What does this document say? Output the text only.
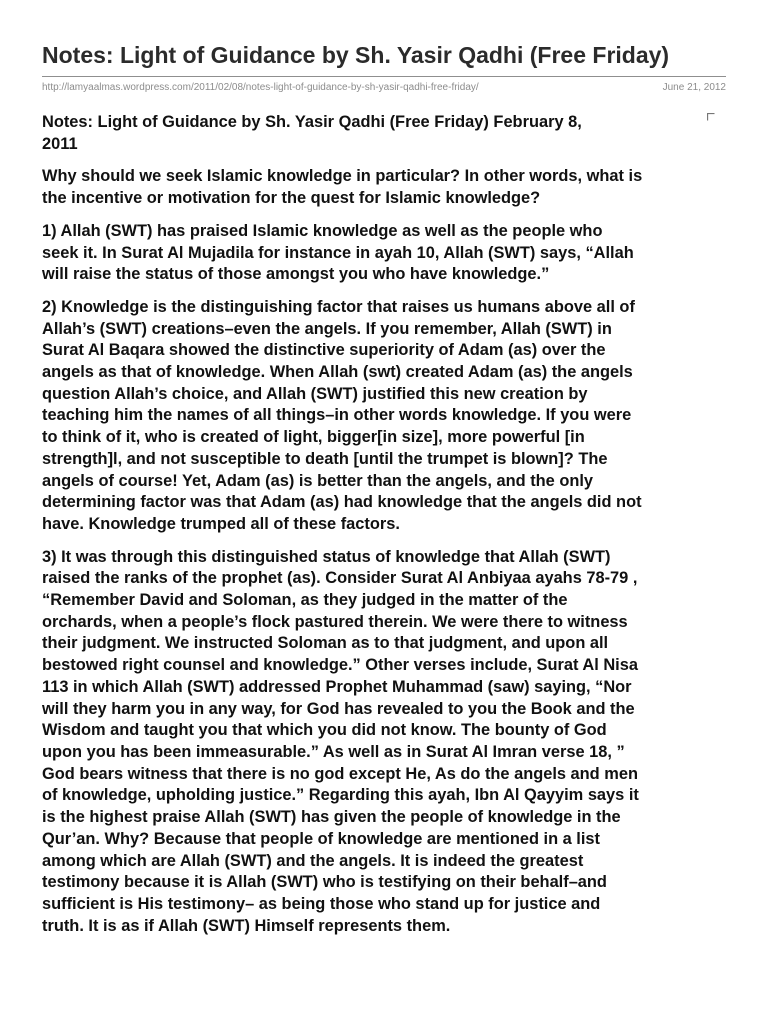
Notes: Light of Guidance by Sh. Yasir Qadhi (Free Friday)
http://lamyaalmas.wordpress.com/2011/02/08/notes-light-of-guidance-by-sh-yasir-qadhi-free-friday/	June 21, 2012

Notes: Light of Guidance by Sh. Yasir Qadhi (Free Friday) February 8,

2011

Why should we seek Islamic knowledge in particular? In other words, what is

the incentive or motivation for the quest for Islamic knowledge?

1) Allah (SWT) has praised Islamic knowledge as well as the people who

seek it. In Surat Al Mujadila for instance in ayah 10, Allah (SWT) says, “Allah

will raise the status of those amongst you who have knowledge.”

2) Knowledge is the distinguishing factor that raises us humans above all of

Allah’s (SWT) creations–even the angels. If you remember, Allah (SWT) in

Surat Al Baqara showed the distinctive superiority of Adam (as) over the

angels as that of knowledge. When Allah (swt) created Adam (as) the angels

question Allah’s choice, and Allah (SWT) justified this new creation by

teaching him the names of all things–in other words knowledge. If you were

to think of it, who is created of light, bigger[in size], more powerful [in

strength]l, and not susceptible to death [until the trumpet is blown]? The

angels of course! Yet, Adam (as) is better than the angels, and the only

determining factor was that Adam (as) had knowledge that the angels did not

have. Knowledge trumped all of these factors.

3) It was through this distinguished status of knowledge that Allah (SWT)

raised the ranks of the prophet (as). Consider Surat Al Anbiyaa ayahs 78-79 ,

“Remember David and Soloman, as they judged in the matter of the

orchards, when a people’s flock pastured therein. We were there to witness

their judgment. We instructed Soloman as to that judgment, and upon all

bestowed right counsel and knowledge.” Other verses include, Surat Al Nisa

113 in which Allah (SWT) addressed Prophet Muhammad (saw) saying, “Nor

will they harm you in any way, for God has revealed to you the Book and the

Wisdom and taught you that which you did not know. The bounty of God

upon you has been immeasurable.” As well as in Surat Al Imran verse 18, ”

God bears witness that there is no god except He, As do the angels and men

of knowledge, upholding justice.” Regarding this ayah, Ibn Al Qayyim says it

is the highest praise Allah (SWT) has given the people of knowledge in the

Qur’an. Why? Because that people of knowledge are mentioned in a list

among which are Allah (SWT) and the angels. It is indeed the greatest

testimony because it is Allah (SWT) who is testifying on their behalf–and

sufficient is His testimony– as being those who stand up for justice and

truth. It is as if Allah (SWT) Himself represents them.
